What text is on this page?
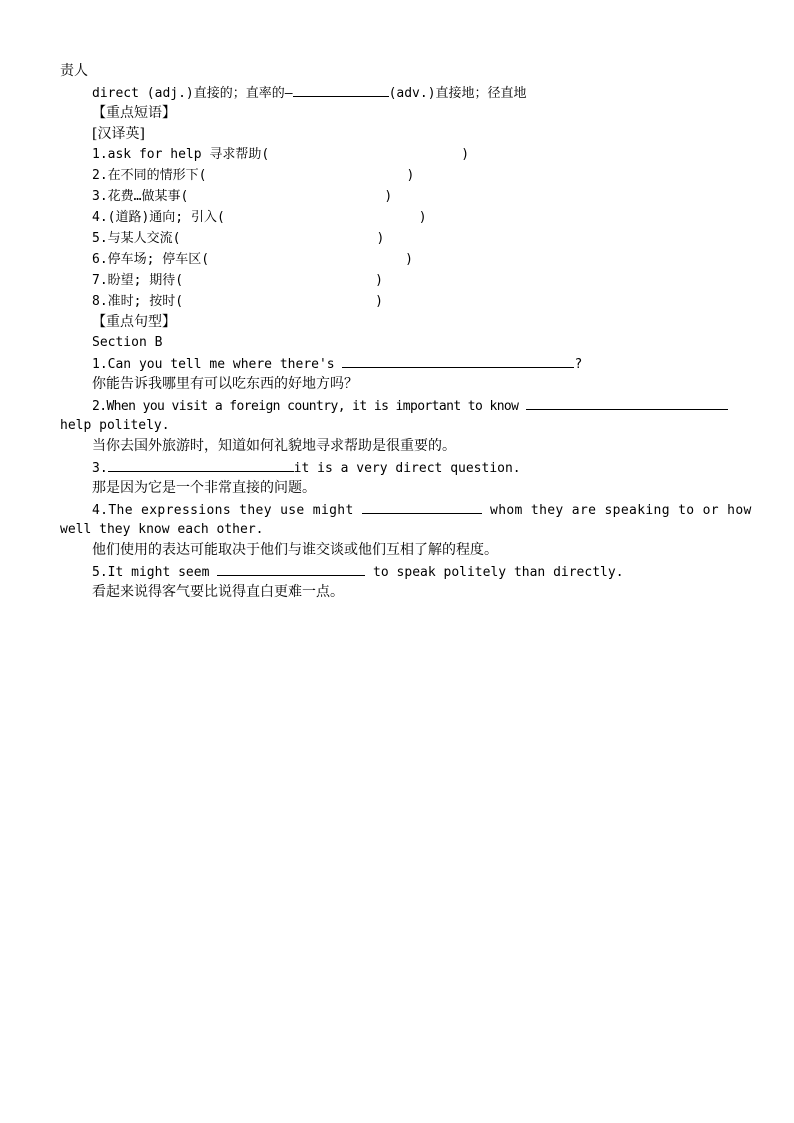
责人
direct (adj.)直接的；直率的—	(adv.)直接地；径直地
【重点短语】
[汉译英]
1.ask for help 寻求帮助(	)
2.在不同的情形下(	)
3.花费…做某事(	)
4.(道路)通向; 引入(	)
5.与某人交流(	)
6.停车场; 停车区(	)
7.盼望; 期待(	)
8.准时; 按时(	)
【重点句型】
Section B
1.Can you tell me where there's	?
你能告诉我哪里有可以吃东西的好地方吗？
2.When you visit a foreign country, it is important to know
help politely.
当你去国外旅游时，知道如何礼貌地寻求帮助是很重要的。
3.	it is a very direct question.
那是因为它是一个非常直接的问题。
4.The expressions they use might	whom they are speaking to or how
well they know each other.
他们使用的表达可能取决于他们与谁交谈或他们互相了解的程度。
5.It might seem	to speak politely than directly.
看起来说得客气要比说得直白更难一点。
